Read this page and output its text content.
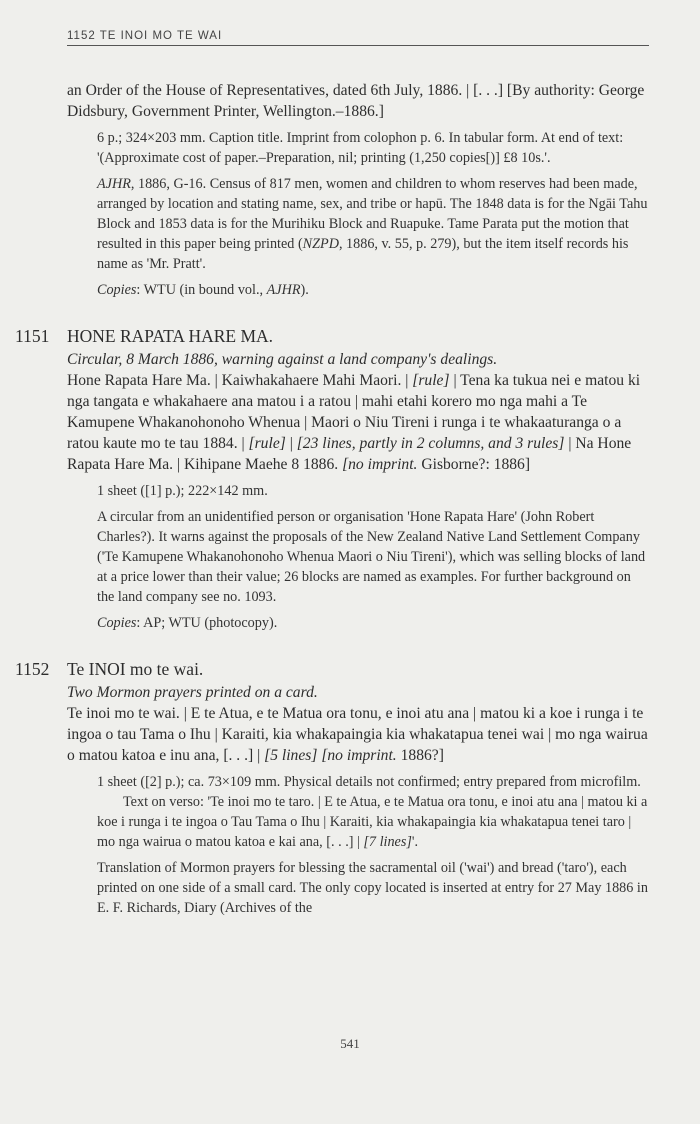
1152 TE INOI MO TE WAI

an Order of the House of Representatives, dated 6th July, 1886. | [. . .] [By authority: George Didsbury, Government Printer, Wellington.–1886.]

6 p.; 324×203 mm. Caption title. Imprint from colophon p. 6. In tabular form. At end of text: '(Approximate cost of paper.–Preparation, nil; printing (1,250 copies[)] £8 10s.'.

AJHR, 1886, G-16. Census of 817 men, women and children to whom reserves had been made, arranged by location and stating name, sex, and tribe or hapū. The 1848 data is for the Ngāi Tahu Block and 1853 data is for the Murihiku Block and Ruapuke. Tame Parata put the motion that resulted in this paper being printed (NZPD, 1886, v. 55, p. 279), but the item itself records his name as 'Mr. Pratt'.

Copies: WTU (in bound vol., AJHR).

1151 HONE RAPATA HARE MA.

Circular, 8 March 1886, warning against a land company's dealings.

Hone Rapata Hare Ma. | Kaiwhakahaere Mahi Maori. | [rule] | Tena ka tukua nei e matou ki nga tangata e whakahaere ana matou i a ratou | mahi etahi korero mo nga mahi a Te Kamupene Whakanohonoho Whenua | Maori o Niu Tireni i runga i te whakaaturanga o a ratou kaute mo te tau 1884. | [rule] | [23 lines, partly in 2 columns, and 3 rules] | Na Hone Rapata Hare Ma. | Kihipane Maehe 8 1886. [no imprint. Gisborne?: 1886]

1 sheet ([1] p.); 222×142 mm.

A circular from an unidentified person or organisation 'Hone Rapata Hare' (John Robert Charles?). It warns against the proposals of the New Zealand Native Land Settlement Company ('Te Kamupene Whakanohonoho Whenua Maori o Niu Tireni'), which was selling blocks of land at a price lower than their value; 26 blocks are named as examples. For further background on the land company see no. 1093.

Copies: AP; WTU (photocopy).

1152 Te INOI mo te wai.

Two Mormon prayers printed on a card.

Te inoi mo te wai. | E te Atua, e te Matua ora tonu, e inoi atu ana | matou ki a koe i runga i te ingoa o tau Tama o Ihu | Karaiti, kia whakapaingia kia whakatapua tenei wai | mo nga wairua o matou katoa e inu ana, [. . .] | [5 lines] [no imprint. 1886?]

1 sheet ([2] p.); ca. 73×109 mm. Physical details not confirmed; entry prepared from microfilm.

Text on verso: 'Te inoi mo te taro. | E te Atua, e te Matua ora tonu, e inoi atu ana | matou ki a koe i runga i te ingoa o Tau Tama o Ihu | Karaiti, kia whakapaingia kia whakatapua tenei taro | mo nga wairua o matou katoa e kai ana, [. . .] | [7 lines]'.

Translation of Mormon prayers for blessing the sacramental oil ('wai') and bread ('taro'), each printed on one side of a small card. The only copy located is inserted at entry for 27 May 1886 in E. F. Richards, Diary (Archives of the

541
